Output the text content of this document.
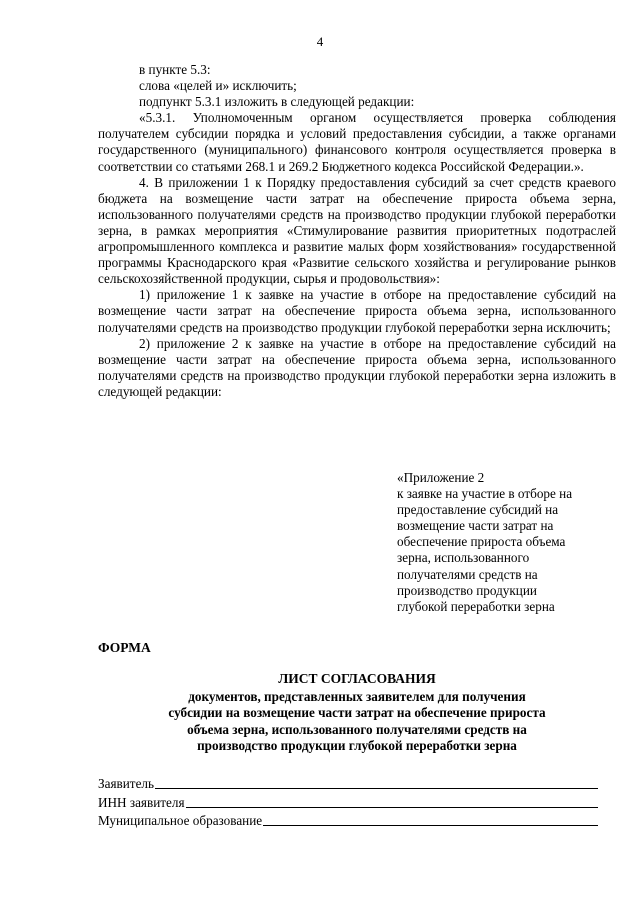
4

в пункте 5.3:

слова «целей и» исключить;

подпункт 5.3.1 изложить в следующей редакции:

«5.3.1. Уполномоченным органом осуществляется проверка соблюдения получателем субсидии порядка и условий предоставления субсидии, а также органами государственного (муниципального) финансового контроля осуществляется проверка в соответствии со статьями 268.1 и 269.2 Бюджетного кодекса Российской Федерации.».

4. В приложении 1 к Порядку предоставления субсидий за счет средств краевого бюджета на возмещение части затрат на обеспечение прироста объема зерна, использованного получателями средств на производство продукции глубокой переработки зерна, в рамках мероприятия «Стимулирование развития приоритетных подотраслей агропромышленного комплекса и развитие малых форм хозяйствования» государственной программы Краснодарского края «Развитие сельского хозяйства и регулирование рынков сельскохозяйственной продукции, сырья и продовольствия»:

1) приложение 1 к заявке на участие в отборе на предоставление субсидий на возмещение части затрат на обеспечение прироста объема зерна, использованного получателями средств на производство продукции глубокой переработки зерна исключить;

2) приложение 2 к заявке на участие в отборе на предоставление субсидий на возмещение части затрат на обеспечение прироста объема зерна, использованного получателями средств на производство продукции глубокой переработки зерна изложить в следующей редакции:

«Приложение 2
к заявке на участие в отборе на
предоставление субсидий на
возмещение части затрат на
обеспечение прироста объема
зерна, использованного
получателями средств на
производство продукции
глубокой переработки зерна
ФОРМА
ЛИСТ СОГЛАСОВАНИЯ
документов, представленных заявителем для получения
субсидии на возмещение части затрат на обеспечение прироста
объема зерна, использованного получателями средств на
производство продукции глубокой переработки зерна
Заявитель
ИНН заявителя
Муниципальное образование
